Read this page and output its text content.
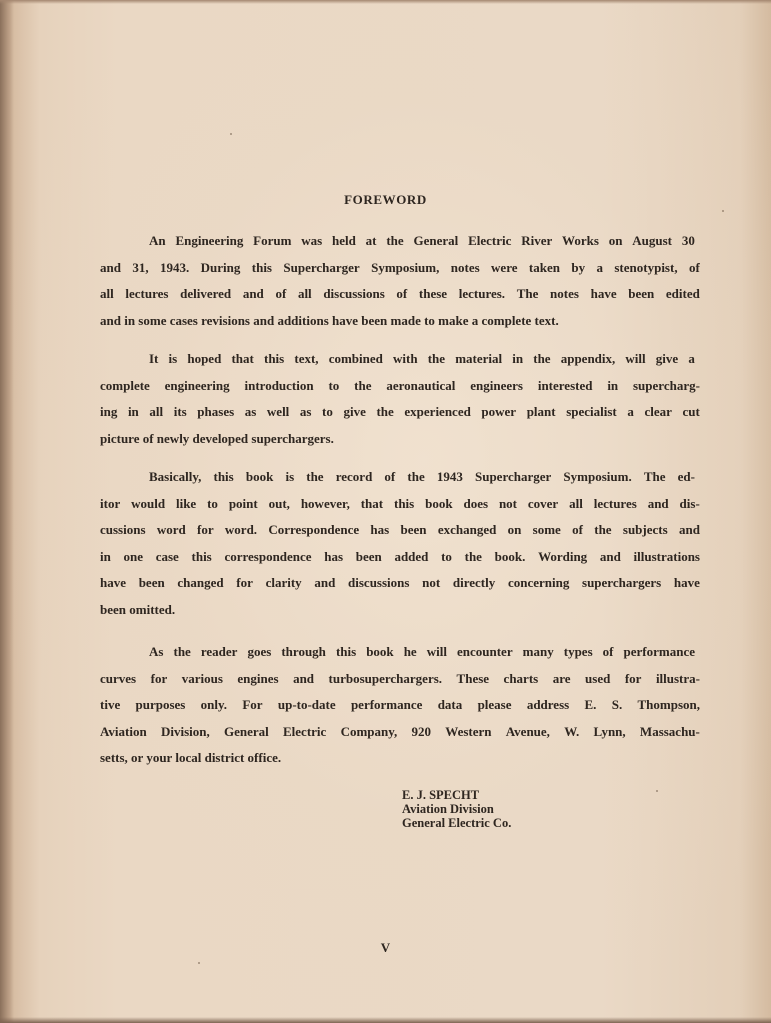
FOREWORD
An Engineering Forum was held at the General Electric River Works on August 30
and 31, 1943. During this Supercharger Symposium, notes were taken by a stenotypist, of
all lectures delivered and of all discussions of these lectures. The notes have been edited
and in some cases revisions and additions have been made to make a complete text.
It is hoped that this text, combined with the material in the appendix, will give a
complete engineering introduction to the aeronautical engineers interested in supercharg-
ing in all its phases as well as to give the experienced power plant specialist a clear cut
picture of newly developed superchargers.
Basically, this book is the record of the 1943 Supercharger Symposium. The ed-
itor would like to point out, however, that this book does not cover all lectures and dis-
cussions word for word. Correspondence has been exchanged on some of the subjects and
in one case this correspondence has been added to the book. Wording and illustrations
have been changed for clarity and discussions not directly concerning superchargers have
been omitted.
As the reader goes through this book he will encounter many types of performance
curves for various engines and turbosuperchargers. These charts are used for illustra-
tive purposes only. For up-to-date performance data please address E. S. Thompson,
Aviation Division, General Electric Company, 920 Western Avenue, W. Lynn, Massachu-
setts, or your local district office.
E. J. SPECHT
Aviation Division
General Electric Co.
V
